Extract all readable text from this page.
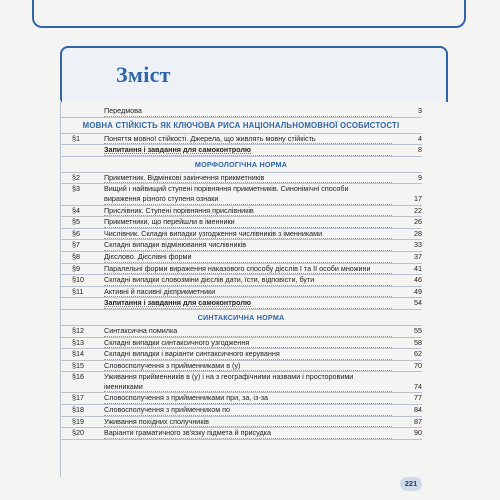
Зміст
Передмова	3
МОВНА СТІЙКІСТЬ ЯК КЛЮЧОВА РИСА НАЦІОНАЛЬНОМОВНОЇ ОСОБИСТОСТІ
§1	Поняття мовної стійкості. Джерела, що живлять мовну стійкість	4
Запитання і завдання для самоконтролю	8
МОРФОЛОГІЧНА НОРМА
§2	Прикметник. Відмінкові закінчення прикметників	9
§3	Вищий і найвищий ступені порівняння прикметників. Синонімічні способи
вираження різного ступеня ознаки	17
§4	Прислівник. Ступені порівняння прислівників	22
§5	Прикметники, що перейшли в іменники	26
§6	Числівник. Складні випадки узгодження числівників з іменниками	28
§7	Складні випадки відмінювання числівників	33
§8	Дієслово. Дієслівні форми	37
§9	Паралельні форми вираження наказового способу дієслів І та ІІ особи множини	41
§10	Складні випадки словозміни дієслів дати, їсти, відповісти, бути	46
§11	Активні й пасивні дієприкметники	49
Запитання і завдання для самоконтролю	54
СИНТАКСИЧНА НОРМА
§12	Синтаксична помилка	55
§13	Складні випадки синтаксичного узгодження	58
§14	Складні випадки і варіанти синтаксичного керування	62
§15	Словосполучення з прийменниками в (у)	70
§16	Уживання прийменників в (у) і на з географічними назвами і просторовими
іменниками	74
§17	Словосполучення з прийменниками при, за, із-за	77
§18	Словосполучення з прийменником по	84
§19	Уживання похідних сполучників	87
§20	Варіанти граматичного зв'язку підмета й присудка	90
221
